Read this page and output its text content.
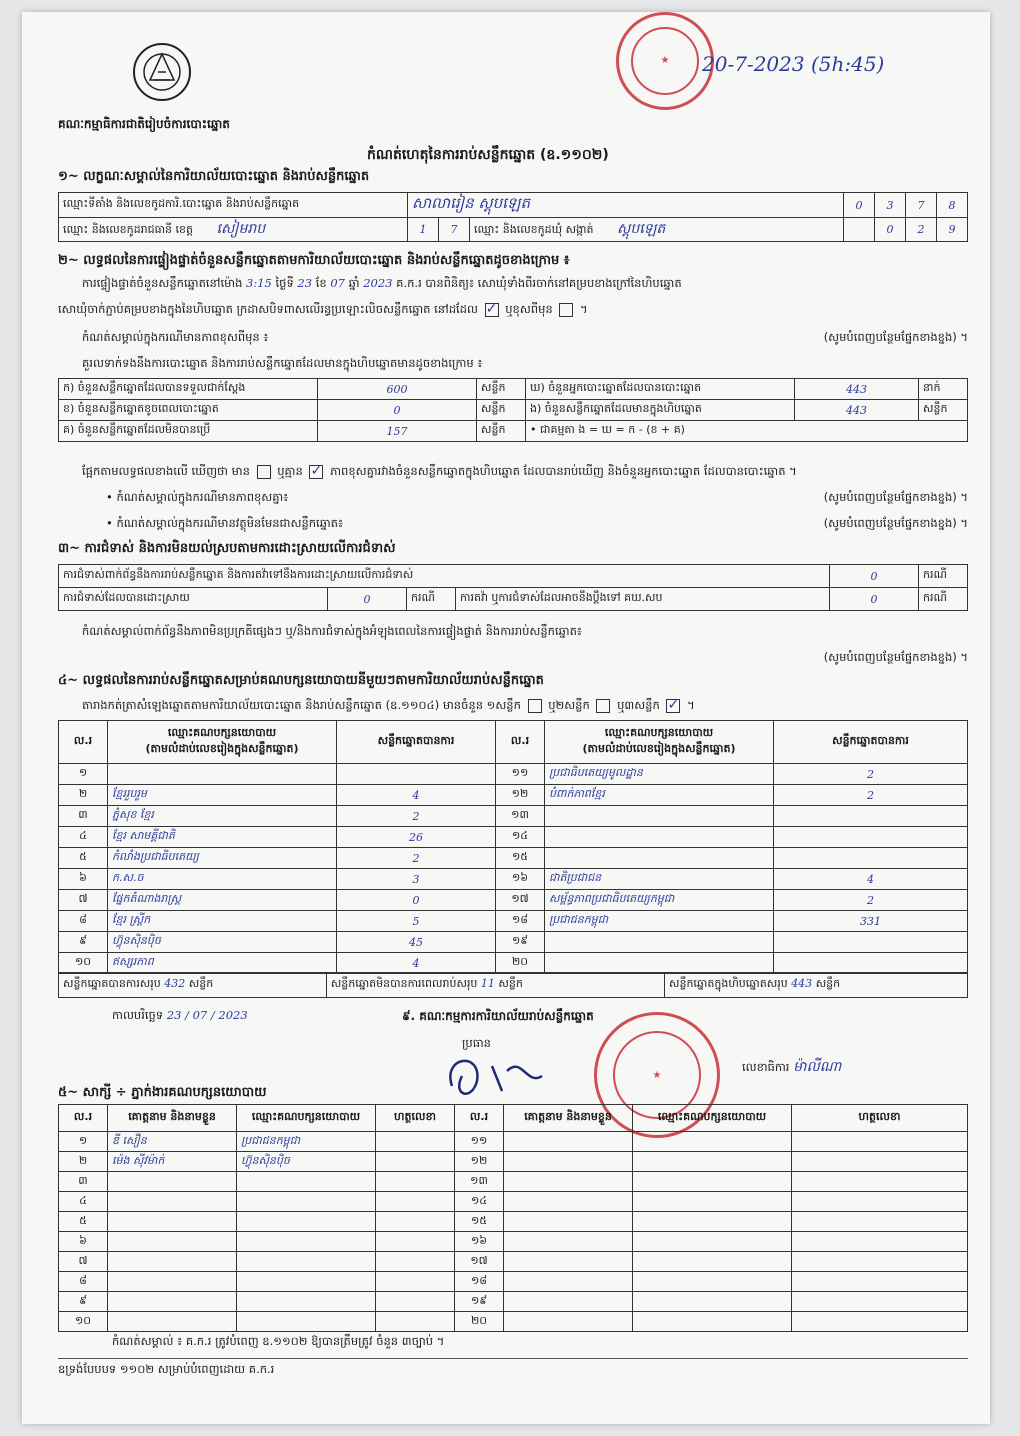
គណៈកម្មាធិការជាតិរៀបចំការបោះឆ្នោត
★	20-7-2023 (5h:45)
កំណត់ហេតុនៃការរាប់សន្លឹកឆ្នោត (ឧ.១១០២)
១~ លក្ខណៈសម្គាល់នៃការិយាល័យបោះឆ្នោត និងរាប់សន្លឹកឆ្នោត
ឈ្មោះទីតាំង និងលេខកូដការិ.បោះឆ្នោត និងរាប់សន្លឹកឆ្នោត	សាលារៀន ស្តុបឡេត			0	3	7	8
ឈ្មោះ និងលេខកូដរាជធានី ខេត្ត សៀមរាប	1	7	ឈ្មោះ និងលេខកូដឃុំ សង្កាត់ ស្តុបឡេត		0	2	9
២~ លទ្ធផលនៃការផ្ទៀងផ្ទាត់ចំនួនសន្លឹកឆ្នោតតាមការិយាល័យបោះឆ្នោត និងរាប់សន្លឹកឆ្នោតដូចខាងក្រោម ៖
ការផ្ទៀងផ្ទាត់ចំនួនសន្លឹកឆ្នោតនៅម៉ោង 3:15 ថ្ងៃទី 23 ខែ 07 ឆ្នាំ 2023 គ.ក.រ បានពិនិត្យ៖ សោឃុំទាំងពីរចាក់នៅគម្របខាងក្រៅនៃហិបឆ្នោត
សោឃុំចាក់ភ្ជាប់គម្របខាងក្នុងនៃហិបឆ្នោត ក្រដាសបិទពាសលើរន្ធប្រឡោះលិចសន្លឹកឆ្នោត នៅដដែល ✓ ឬខុសពីមុន  ។
កំណត់សម្គាល់ក្នុងករណីមានភាពខុសពីមុន ៖	(សូមបំពេញបន្ថែមផ្នែកខាងខ្នង) ។
គួរលទាក់ទងនឹងការបោះឆ្នោត និងការរាប់សន្លឹកឆ្នោតដែលមានក្នុងហិបឆ្នោតមានដូចខាងក្រោម ៖
ក) ចំនួនសន្លឹកឆ្នោតដែលបានទទួលជាក់ស្តែង	600	សន្លឹក	ឃ) ចំនួនអ្នកបោះឆ្នោតដែលបានបោះឆ្នោត	443	នាក់
ខ) ចំនួនសន្លឹកឆ្នោតខូចពេលបោះឆ្នោត	0	សន្លឹក	ង) ចំនួនសន្លឹកឆ្នោតដែលមានក្នុងហិបឆ្នោត	443	សន្លឹក
គ) ចំនួនសន្លឹកឆ្នោតដែលមិនបានប្រើ	157	សន្លឹក	• ជាគម្មតា ង = ឃ = ក - (ខ + គ)		
ផ្អែកតាមលទ្ធផលខាងលើ ឃើញថា មាន ឬគ្មាន ✓ ភាពខុសគ្នារវាងចំនួនសន្លឹកឆ្នោតក្នុងហិបឆ្នោត ដែលបានរាប់ឃើញ និងចំនួនអ្នកបោះឆ្នោត ដែលបានបោះឆ្នោត ។
• កំណត់សម្គាល់ក្នុងករណីមានភាពខុសគ្នា៖	(សូមបំពេញបន្ថែមផ្នែកខាងខ្នង) ។
• កំណត់សម្គាល់ក្នុងករណីមានវត្ថុមិនមែនជាសន្លឹកឆ្នោត៖	(សូមបំពេញបន្ថែមផ្នែកខាងខ្នង) ។
៣~ ការជំទាស់ និងការមិនយល់ស្របតាមការដោះស្រាយលើការជំទាស់
ការជំទាស់ពាក់ព័ន្ធនឹងការរាប់សន្លឹកឆ្នោត និងការតវ៉ាទៅនឹងការដោះស្រាយលើការជំទាស់				0	ករណី
ការជំទាស់ដែលបានដោះស្រាយ	0	ករណី	ការតវ៉ា ឬការជំទាស់ដែលអាចនឹងប្តឹងទៅ គឃ.សប	0	ករណី
កំណត់សម្គាល់ពាក់ព័ន្ធនឹងភាពមិនប្រក្រតីផ្សេងៗ ឬ/និងការជំទាស់ក្នុងអំឡុងពេលនៃការផ្ទៀងផ្ទាត់ និងការរាប់សន្លឹកឆ្នោត៖
(សូមបំពេញបន្ថែមផ្នែកខាងខ្នង) ។
៤~ លទ្ធផលនៃការរាប់សន្លឹកឆ្នោតសម្រាប់គណបក្សនយោបាយនីមួយៗតាមការិយាល័យរាប់សន្លឹកឆ្នោត
តារាងកត់ត្រាសំឡេងឆ្នោតតាមការិយាល័យបោះឆ្នោត និងរាប់សន្លឹកឆ្នោត (ឧ.១១០៤) មានចំនួន ១សន្លឹក ឬ២សន្លឹក ឬ៣សន្លឹក ✓ ។
ល.រ	ឈ្មោះគណបក្សនយោបាយ
(តាមលំដាប់លេខរៀងក្នុងសន្លឹកឆ្នោត)	សន្លឹកឆ្នោតបានការ	ល.រ	ឈ្មោះគណបក្សនយោបាយ
(តាមលំដាប់លេខរៀងក្នុងសន្លឹកឆ្នោត)	សន្លឹកឆ្នោតបានការ
១			១១	ប្រជាធិបតេយ្យមូលដ្ឋាន	2
២	ខ្មែររួបរួម	4	១២	បំពាក់ភាពខ្មែរ	2
៣	ភ្នំសុខ ខ្មែរ	2	១៣		
៤	ខ្មែរ សាមគ្គីជាតិ	26	១៤		
៥	កំលាំងប្រជាធិបតេយ្យ	2	១៥		
៦	ក.ស.ច	3	១៦	ជាតិប្រជាជន	4
៧	ផ្នែកតំណាងរាស្ត្រ	0	១៧	សម្ព័ន្ធភាពប្រជាធិបតេយ្យកម្ពុជា	2
៨	ខ្មែរ ស្ត្រីក	5	១៨	ប្រជាជនកម្ពុជា	331
៩	ហ៊្វុនស៊ិនប៉ិច	45	១៩		
១០	ឥស្សរភាព	4	២០		
សន្លឹកឆ្នោតបានការសរុប 432 សន្លឹក	សន្លឹកឆ្នោតមិនបានការពេលរាប់សរុប 11 សន្លឹក	សន្លឹកឆ្នោតក្នុងហិបឆ្នោតសរុប 443 សន្លឹក
កាលបរិច្ឆេទ 23 / 07 / 2023	៩. គណៈកម្មការការិយាល័យរាប់សន្លឹកឆ្នោត
ប្រធាន
★
លេខាធិការ ម៉ាលីណា
៥~ សាក្សី ÷ ភ្នាក់ងារគណបក្សនយោបាយ
ល.រ	គោត្តនាម និងនាមខ្លួន	ឈ្មោះគណបក្សនយោបាយ	ហត្ថលេខា	ល.រ	គោត្តនាម និងនាមខ្លួន	ឈ្មោះគណបក្សនយោបាយ	ហត្ថលេខា
១	ឌី សឿន	ប្រជាជនកម្ពុជា		១១			
២	ម៉េង ស៊ីវម៉ាក់	ហ៊្វុនស៊ិនប៉ិច		១២			
៣				១៣			
៤				១៤			
៥				១៥			
៦				១៦			
៧				១៧			
៨				១៨			
៩				១៩			
១០				២០			
កំណត់សម្គាល់ ៖ គ.ក.រ ត្រូវបំពេញ ឧ.១១០២ ឱ្យបានត្រឹមត្រូវ ចំនួន ៣ច្បាប់ ។
ឧទ្រង់បែបបទ ១១០២ សម្រាប់បំពេញដោយ គ.ក.រ
